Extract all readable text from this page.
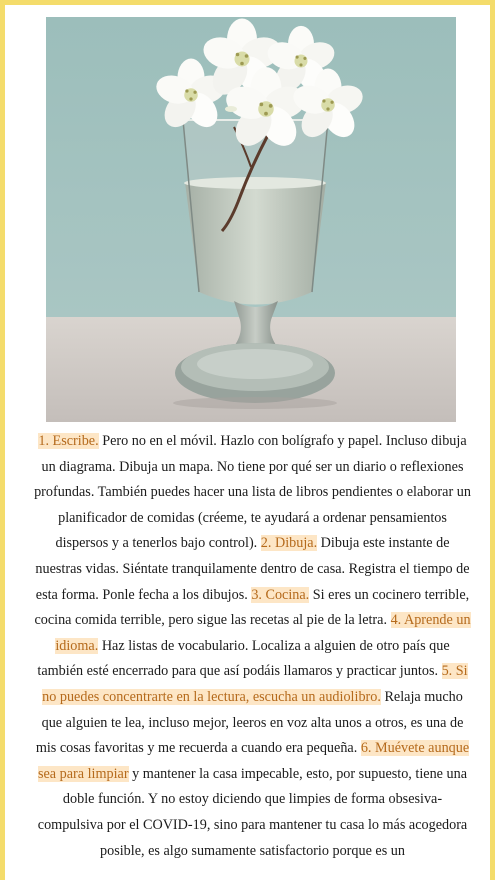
1. Escribe. Pero no en el móvil. Hazlo con bolígrafo y papel. Incluso dibuja un diagrama. Dibuja un mapa. No tiene por qué ser un diario o reflexiones profundas. También puedes hacer una lista de libros pendientes o elaborar un planificador de comidas (créeme, te ayudará a ordenar pensamientos dispersos y a tenerlos bajo control). 2. Dibuja. Dibuja este instante de nuestras vidas. Siéntate tranquilamente dentro de casa. Registra el tiempo de esta forma. Ponle fecha a los dibujos. 3. Cocina. Si eres un cocinero terrible, cocina comida terrible, pero sigue las recetas al pie de la letra. 4. Aprende un idioma. Haz listas de vocabulario. Localiza a alguien de otro país que también esté encerrado para que así podáis llamaros y practicar juntos. 5. Si no puedes concentrarte en la lectura, escucha un audiolibro. Relaja mucho que alguien te lea, incluso mejor, leeros en voz alta unos a otros, es una de mis cosas favoritas y me recuerda a cuando era pequeña. 6. Muévete aunque sea para limpiar y mantener la casa impecable, esto, por supuesto, tiene una doble función. Y no estoy diciendo que limpies de forma obsesiva-compulsiva por el COVID-19, sino para mantener tu casa lo más acogedora posible, es algo sumamente satisfactorio porque es un
